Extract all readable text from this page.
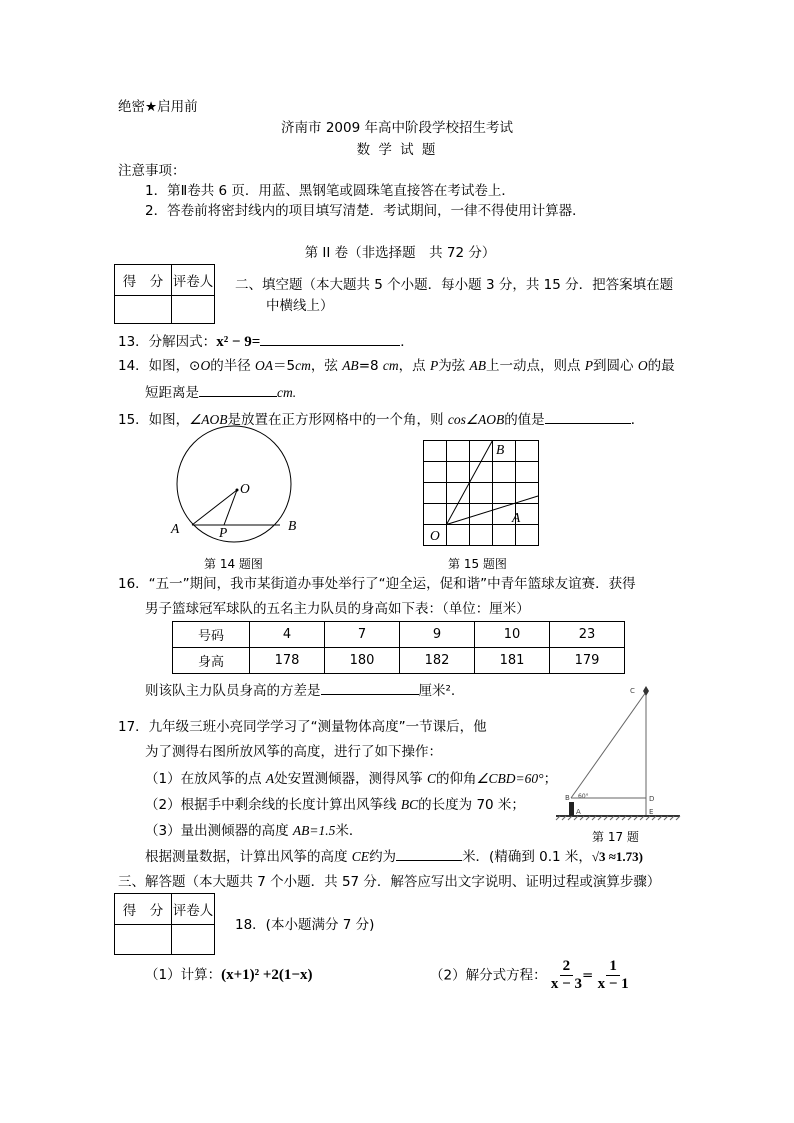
绝密★启用前
济南市 2009 年高中阶段学校招生考试
数 学 试 题
注意事项：
1．第Ⅱ卷共 6 页．用蓝、黑钢笔或圆珠笔直接答在考试卷上．
2．答卷前将密封线内的项目填写清楚．考试期间，一律不得使用计算器．
第 II 卷（非选择题　共 72 分）
得　分	评卷人
	二、填空题（本大题共 5 个小题．每小题 3 分，共 15 分．把答案填在题
中横线上）
13．分解因式：x² − 9=	．
14．如图，⊙O的半径 OA＝5cm，弦 AB=8 cm，点 P为弦 AB上一动点，则点 P到圆心 O的最
短距离是	cm.
15．如图，∠AOB是放置在正方形网格中的一个角，则 cos∠AOB的值是	．
O
A	P	B
第 14 题图
O
A
B
第 15 题图
16．“五一”期间，我市某街道办事处举行了“迎全运，促和谐”中青年篮球友谊赛．获得
男子篮球冠军球队的五名主力队员的身高如下表：（单位：厘米）
号码	4	7	9	10	23
身高	178	180	182	181	179
则该队主力队员身高的方差是	厘米².
17．九年级三班小亮同学学习了“测量物体高度”一节课后，他
为了测得右图所放风筝的高度，进行了如下操作：
（1）在放风筝的点 A处安置测倾器，测得风筝 C的仰角∠CBD=60°；
（2）根据手中剩余线的长度计算出风筝线 BC的长度为 70 米；
（3）量出测倾器的高度 AB=1.5米．
根据测量数据，计算出风筝的高度 CE约为	米．(精确到 0.1 米，√3 ≈1.73)
C
B 60°
A
D
E
第 17 题
三、解答题（本大题共 7 个小题．共 57 分．解答应写出文字说明、证明过程或演算步骤）
得　分	评卷人

18．(本小题满分 7 分)
（1）计算：(x+1)² +2(1−x)	（2）解分式方程： $\frac{2}{x - 3} = \frac{1}{x - 1}$
